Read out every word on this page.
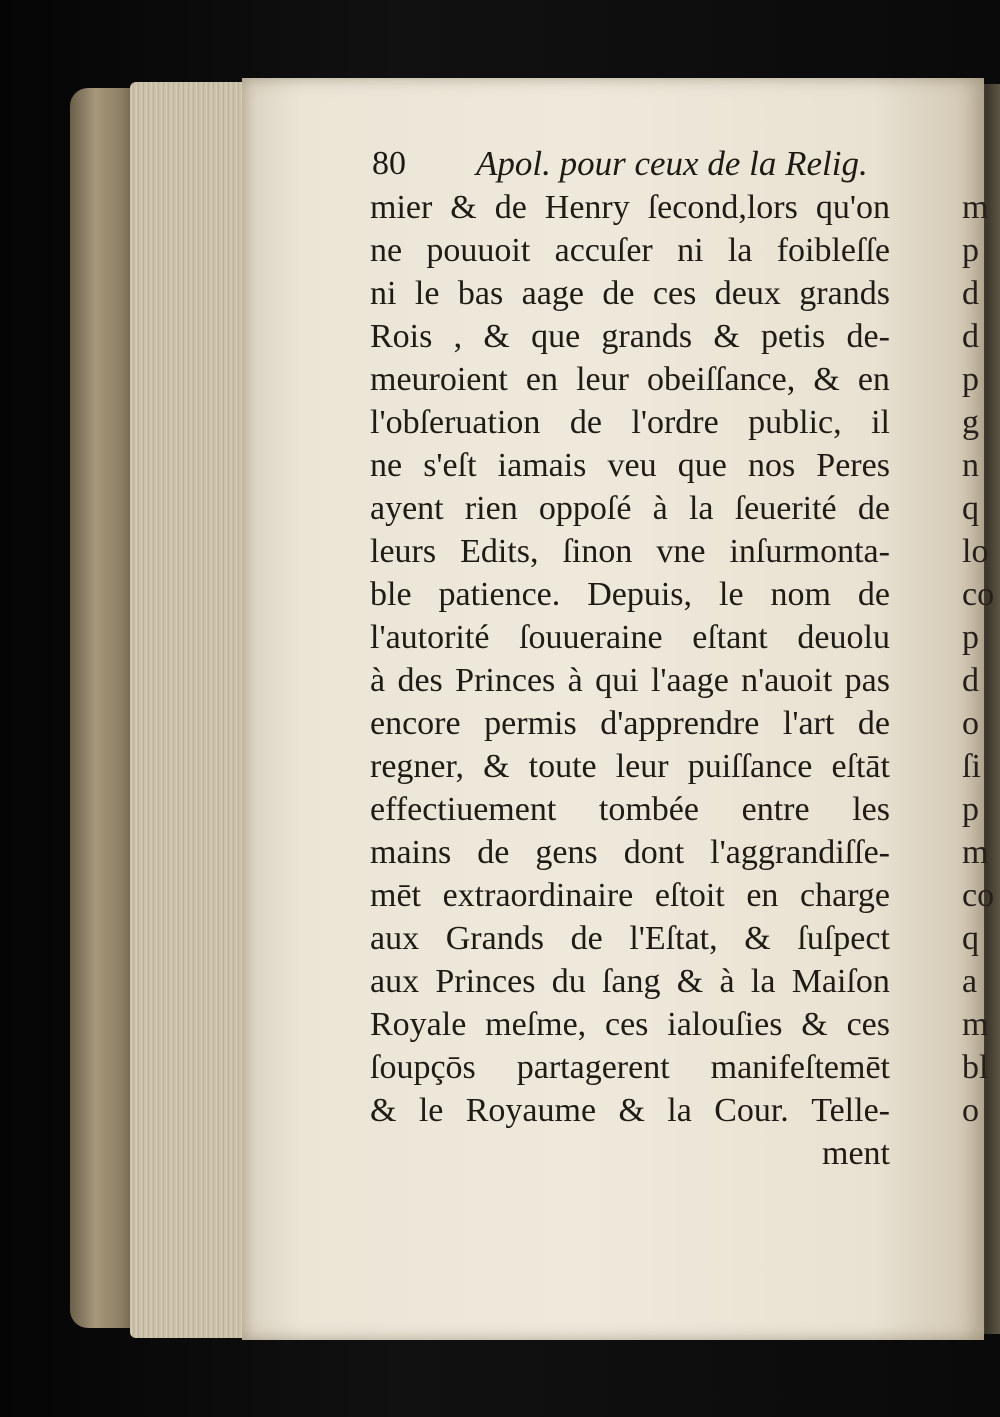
80 Apol. pour ceux de la Relig.
mier & de Henry ſecond,lors qu'on
ne pouuoit accuſer ni la foibleſſe
ni le bas aage de ces deux grands
Rois , & que grands & petis de-
meuroient en leur obeiſſance, & en
l'obſeruation de l'ordre public, il
ne s'eſt iamais veu que nos Peres
ayent rien oppoſé à la ſeuerité de
leurs Edits, ſinon vne inſurmonta-
ble patience. Depuis, le nom de
l'autorité ſouueraine eſtant deuolu
à des Princes à qui l'aage n'auoit pas
encore permis d'apprendre l'art de
regner, & toute leur puiſſance eſtāt
effectiuement tombée entre les
mains de gens dont l'aggrandiſſe-
mēt extraordinaire eſtoit en charge
aux Grands de l'Eſtat, & ſuſpect
aux Princes du ſang & à la Maiſon
Royale meſme, ces ialouſies & ces
ſoupçōs partagerent manifeſtemēt
& le Royaume & la Cour. Telle-
ment
m
p
d
d
p
g
n
q
lo
co
p
d
o
ſi
p
m
co
q
a
m
bl
o
